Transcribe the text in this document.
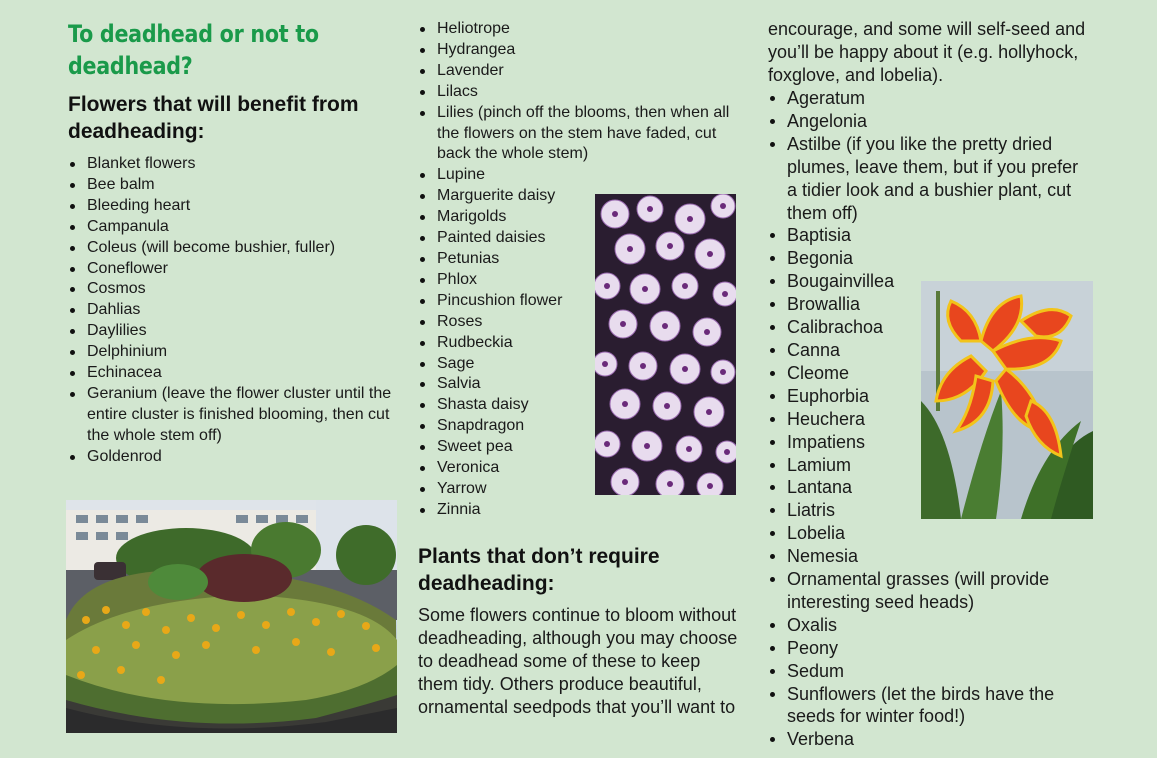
To deadhead or not to deadhead?
Flowers that will benefit from deadheading:
Blanket flowers
Bee balm
Bleeding heart
Campanula
Coleus (will become bushier, fuller)
Coneflower
Cosmos
Dahlias
Daylilies
Delphinium
Echinacea
Geranium (leave the flower cluster until the entire cluster is finished blooming, then cut the whole stem off)
Goldenrod
Heliotrope
Hydrangea
Lavender
Lilacs
Lilies (pinch off the blooms, then when all the flowers on the stem have faded, cut back the whole stem)
Lupine
Marguerite daisy
Marigolds
Painted daisies
Petunias
Phlox
Pincushion flower
Roses
Rudbeckia
Sage
Salvia
Shasta daisy
Snapdragon
Sweet pea
Veronica
Yarrow
Zinnia
Plants that don’t require deadheading:
Some flowers continue to bloom without deadheading, although you may choose to deadhead some of these to keep them tidy. Others produce beautiful, ornamental seedpods that you’ll want to
encourage, and some will self-seed and you’ll be happy about it (e.g. hollyhock, foxglove, and lobelia).
Ageratum
Angelonia
Astilbe (if you like the pretty dried plumes, leave them, but if you prefer a tidier look and a bushier plant, cut them off)
Baptisia
Begonia
Bougainvillea
Browallia
Calibrachoa
Canna
Cleome
Euphorbia
Heuchera
Impatiens
Lamium
Lantana
Liatris
Lobelia
Nemesia
Ornamental grasses (will provide interesting seed heads)
Oxalis
Peony
Sedum
Sunflowers (let the birds have the seeds for winter food!)
Verbena
